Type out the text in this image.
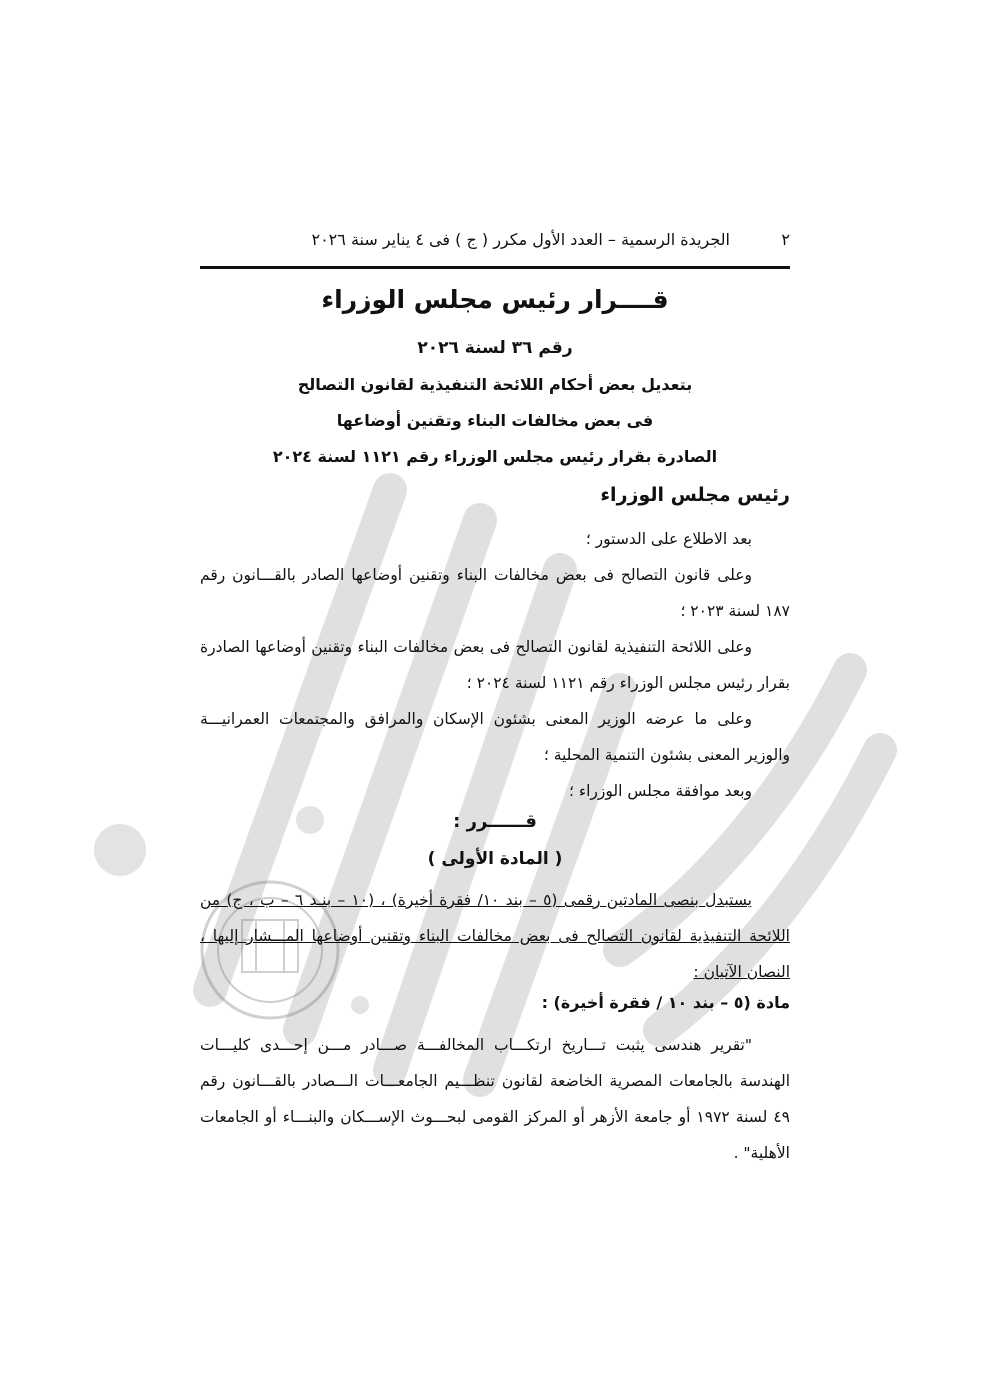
٢
الجريدة الرسمية – العدد الأول مكرر ( ج ) فى ٤ يناير سنة ٢٠٢٦
قــــرار رئيس مجلس الوزراء
رقم ٣٦ لسنة ٢٠٢٦
بتعديل بعض أحكام اللائحة التنفيذية لقانون التصالح
فى بعض مخالفات البناء وتقنين أوضاعها
الصادرة بقرار رئيس مجلس الوزراء رقم ١١٢١ لسنة ٢٠٢٤
رئيس مجلس الوزراء
بعد الاطلاع على الدستور ؛
وعلى قانون التصالح فى بعض مخالفات البناء وتقنين أوضاعها الصادر بالقـــانون رقم ١٨٧ لسنة ٢٠٢٣ ؛
وعلى اللائحة التنفيذية لقانون التصالح فى بعض مخالفات البناء وتقنين أوضاعها الصادرة بقرار رئيس مجلس الوزراء رقم ١١٢١ لسنة ٢٠٢٤ ؛
وعلى ما عرضه الوزير المعنى بشئون الإسكان والمرافق والمجتمعات العمرانيـــة والوزير المعنى بشئون التنمية المحلية ؛
وبعد موافقة مجلس الوزراء ؛
قــــــرر :
( المادة الأولى )
يستبدل بنصى المادتين رقمى (٥ – بند ١٠/ فقرة أخيرة) ، (١٠ – بنـد ٦ – ب ، ج) من اللائحة التنفيذية لقانون التصالح فى بعض مخالفات البناء وتقنين أوضاعها المـــشار إليها ، النصان الآتيان :
مادة (٥ – بند ١٠ / فقرة أخيرة) :
"تقرير هندسى يثبت تـــاريخ ارتكـــاب المخالفـــة صـــادر مـــن إحـــدى كليـــات الهندسة بالجامعات المصرية الخاضعة لقانون تنظـــيم الجامعـــات الـــصادر بالقـــانون رقم ٤٩ لسنة ١٩٧٢ أو جامعة الأزهر أو المركز القومى لبحـــوث الإســـكان والبنـــاء أو الجامعات الأهلية" .
